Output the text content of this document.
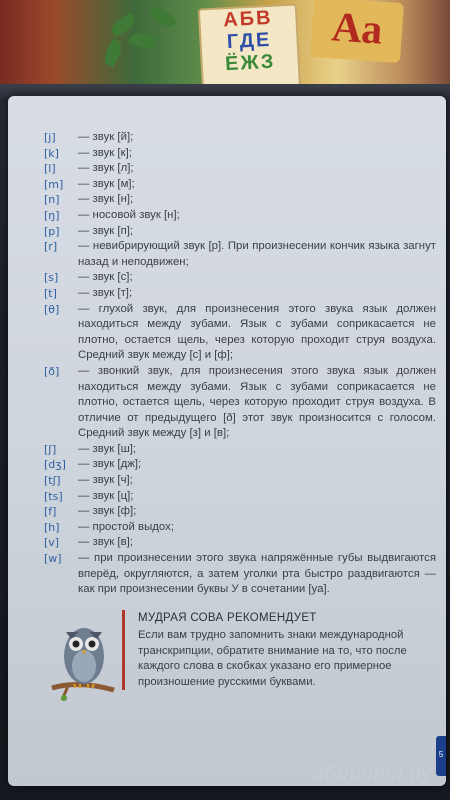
АБВ
ГДЕ
ЁЖЗ
Аа
[j]	— звук [й];
[k]	— звук [к];
[l]	— звук [л];
[m]	— звук [м];
[n]	— звук [н];
[ŋ]	— носовой звук [н];
[p]	— звук [п];
[r]	— невибрирующий звук [р]. При произнесении кончик языка загнут назад и неподвижен;
[s]	— звук [с];
[t]	— звук [т];
[θ]	— глухой звук, для произнесения этого звука язык должен находиться между зубами. Язык с зубами соприкасается не плотно, остается щель, через которую проходит струя воздуха. Средний звук между [с] и [ф];
[ð]	— звонкий звук, для произнесения этого звука язык должен находиться между зубами. Язык с зубами соприкасается не плотно, остается щель, через которую проходит струя воздуха. В отличие от предыдущего [ð] этот звук произносится с голосом. Средний звук между [з] и [в];
[ʃ]	— звук [ш];
[dʒ]	— звук [дж];
[tʃ]	— звук [ч];
[ts]	— звук [ц];
[f]	— звук [ф];
[h]	— простой выдох;
[v]	— звук [в];
[w]	— при произнесении этого звука напряжённые губы выдвигаются вперёд, округляются, а затем уголки рта быстро раздвигаются — как при произнесении буквы У в сочетании [уа].
МУДРАЯ СОВА РЕКОМЕНДУЕТ
Если вам трудно запомнить знаки международной транскрипции, обратите внимание на то, что после каждого слова в скобках указано его примерное произношение русскими буквами.
5
абиринт.ру
